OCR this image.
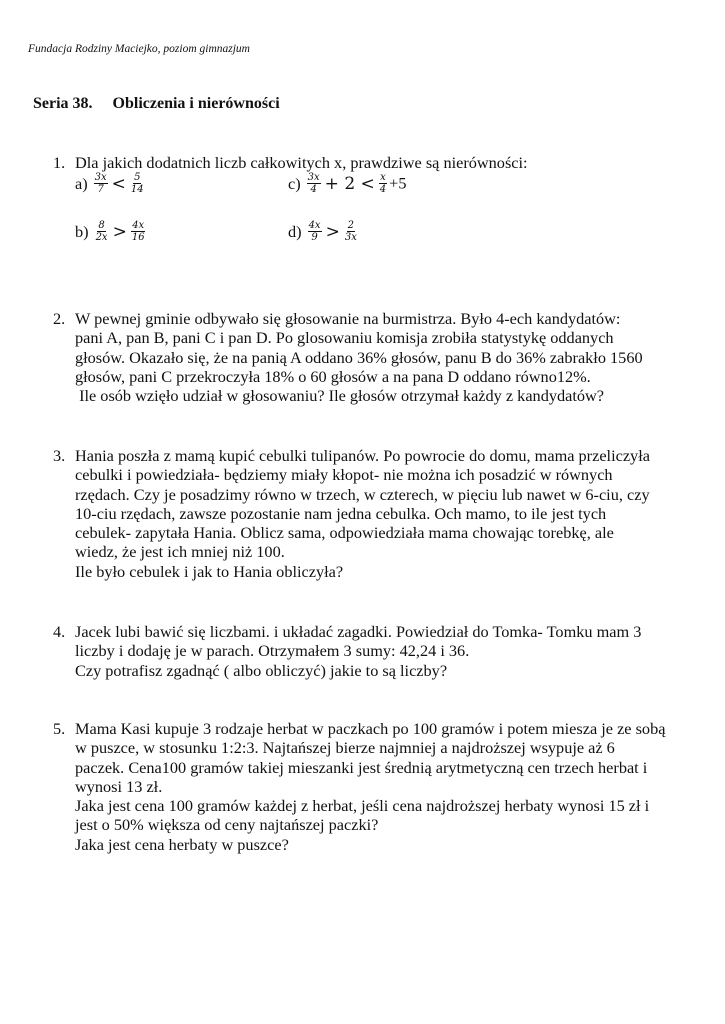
Fundacja Rodziny Maciejko, poziom gimnazjum
Seria 38. Obliczenia i nierówności
1. Dla jakich dodatnich liczb całkowitych x, prawdziwe są nierówności:
$a) \frac{3x}{7} < \frac{5}{14}$	$c) \frac{3x}{4} + 2 < \frac{x}{4} +5$
$b) \frac{8}{2x} > \frac{4x}{16}$	$d) \frac{4x}{9} > \frac{2}{3x}$
2. W pewnej gminie odbywało się głosowanie na burmistrza. Było 4-ech kandydatów:
pani A, pan B, pani C i pan D. Po glosowaniu komisja zrobiła statystykę oddanych
głosów. Okazało się, że na panią A oddano 36% głosów, panu B do 36% zabrakło 1560
głosów, pani C przekroczyła 18% o 60 głosów a na pana D oddano równo12%.
Ile osób wzięło udział w głosowaniu? Ile głosów otrzymał każdy z kandydatów?
3. Hania poszła z mamą kupić cebulki tulipanów. Po powrocie do domu, mama przeliczyła
cebulki i powiedziała- będziemy miały kłopot- nie można ich posadzić w równych
rzędach. Czy je posadzimy równo w trzech, w czterech, w pięciu lub nawet w 6-ciu, czy
10-ciu rzędach, zawsze pozostanie nam jedna cebulka. Och mamo, to ile jest tych
cebulek- zapytała Hania. Oblicz sama, odpowiedziała mama chowając torebkę, ale
wiedz, że jest ich mniej niż 100.
Ile było cebulek i jak to Hania obliczyła?
4. Jacek lubi bawić się liczbami. i układać zagadki. Powiedział do Tomka- Tomku mam 3
liczby i dodaję je w parach. Otrzymałem 3 sumy: 42,24 i 36.
Czy potrafisz zgadnąć ( albo obliczyć) jakie to są liczby?
5. Mama Kasi kupuje 3 rodzaje herbat w paczkach po 100 gramów i potem miesza je ze sobą
w puszce, w stosunku 1:2:3. Najtańszej bierze najmniej a najdroższej wsypuje aż 6
paczek. Cena100 gramów takiej mieszanki jest średnią arytmetyczną cen trzech herbat i
wynosi 13 zł.
Jaka jest cena 100 gramów każdej z herbat, jeśli cena najdroższej herbaty wynosi 15 zł i
jest o 50% większa od ceny najtańszej paczki?
Jaka jest cena herbaty w puszce?
